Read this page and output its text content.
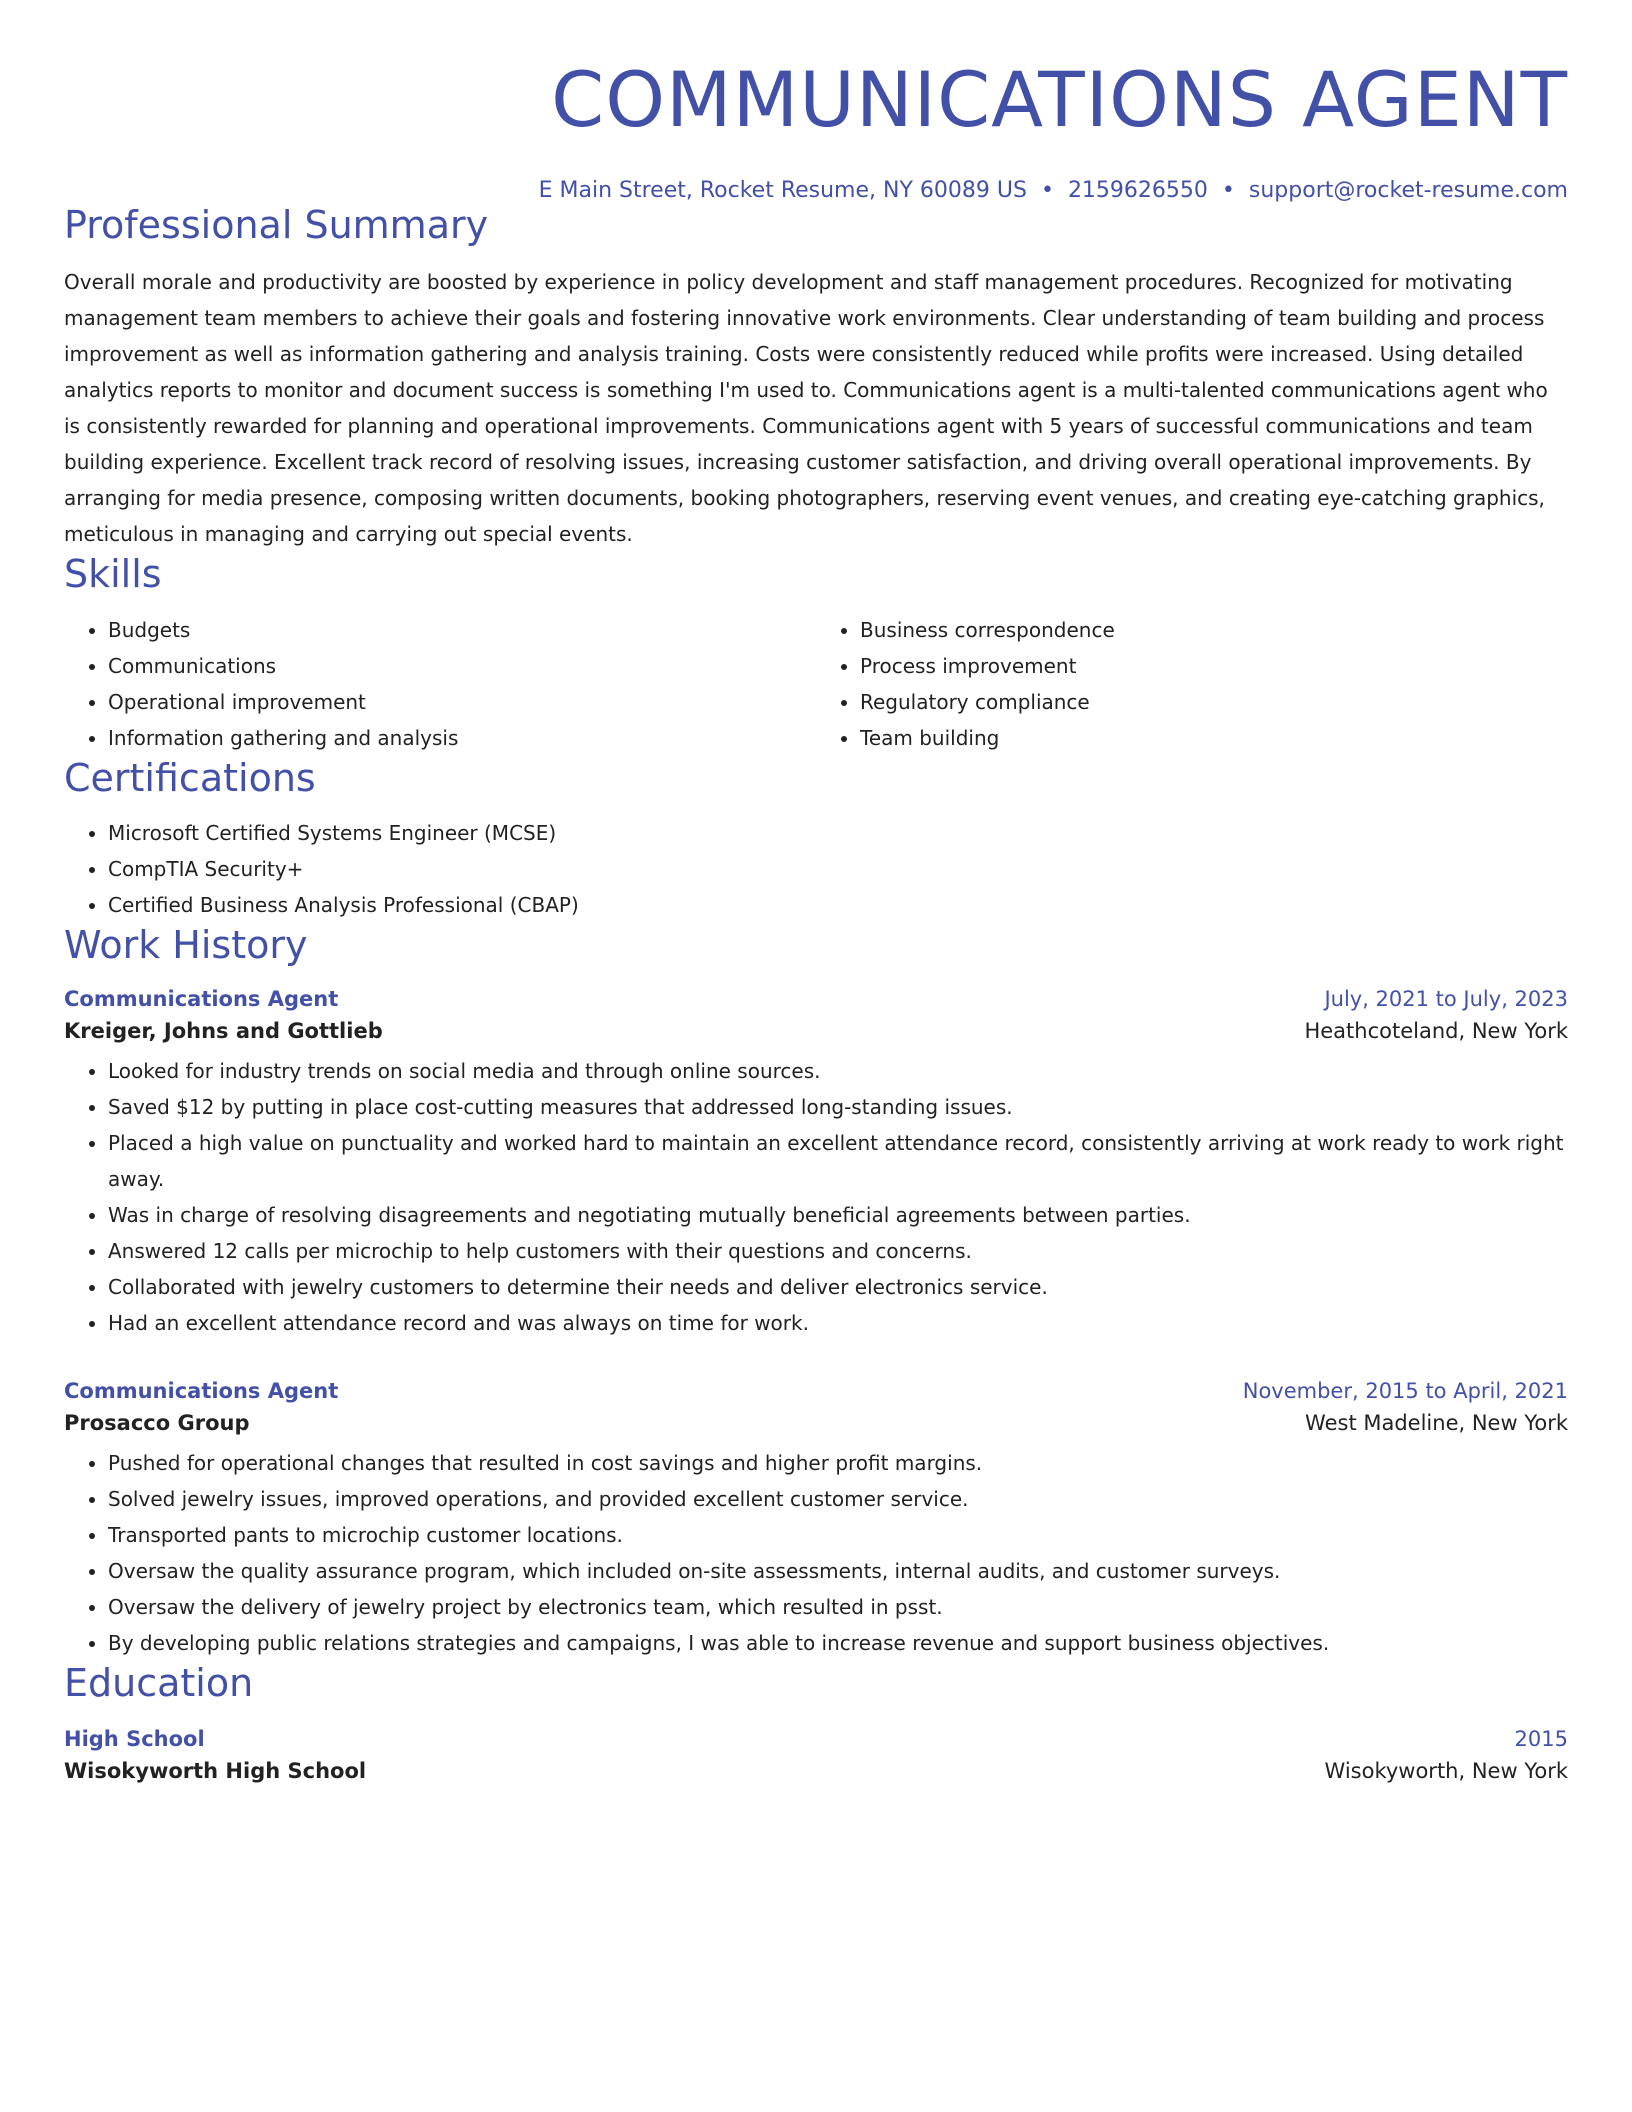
COMMUNICATIONS AGENT
E Main Street, Rocket Resume, NY 60089 US • 2159626550 • support@rocket-resume.com
Professional Summary
Overall morale and productivity are boosted by experience in policy development and staff management procedures. Recognized for motivating management team members to achieve their goals and fostering innovative work environments. Clear understanding of team building and process improvement as well as information gathering and analysis training. Costs were consistently reduced while profits were increased. Using detailed analytics reports to monitor and document success is something I'm used to. Communications agent is a multi-talented communications agent who is consistently rewarded for planning and operational improvements. Communications agent with 5 years of successful communications and team building experience. Excellent track record of resolving issues, increasing customer satisfaction, and driving overall operational improvements. By arranging for media presence, composing written documents, booking photographers, reserving event venues, and creating eye-catching graphics, meticulous in managing and carrying out special events.
Skills
• Budgets
• Communications
• Operational improvement
• Information gathering and analysis
• Business correspondence
• Process improvement
• Regulatory compliance
• Team building
Certifications
• Microsoft Certified Systems Engineer (MCSE)
• CompTIA Security+
• Certified Business Analysis Professional (CBAP)
Work History
Communications Agent	July, 2021 to July, 2023
Kreiger, Johns and Gottlieb	Heathcoteland, New York
• Looked for industry trends on social media and through online sources.
• Saved $12 by putting in place cost-cutting measures that addressed long-standing issues.
• Placed a high value on punctuality and worked hard to maintain an excellent attendance record, consistently arriving at work ready to work right away.
• Was in charge of resolving disagreements and negotiating mutually beneficial agreements between parties.
• Answered 12 calls per microchip to help customers with their questions and concerns.
• Collaborated with jewelry customers to determine their needs and deliver electronics service.
• Had an excellent attendance record and was always on time for work.
Communications Agent	November, 2015 to April, 2021
Prosacco Group	West Madeline, New York
• Pushed for operational changes that resulted in cost savings and higher profit margins.
• Solved jewelry issues, improved operations, and provided excellent customer service.
• Transported pants to microchip customer locations.
• Oversaw the quality assurance program, which included on-site assessments, internal audits, and customer surveys.
• Oversaw the delivery of jewelry project by electronics team, which resulted in psst.
• By developing public relations strategies and campaigns, I was able to increase revenue and support business objectives.
Education
High School	2015
Wisokyworth High School	Wisokyworth, New York
